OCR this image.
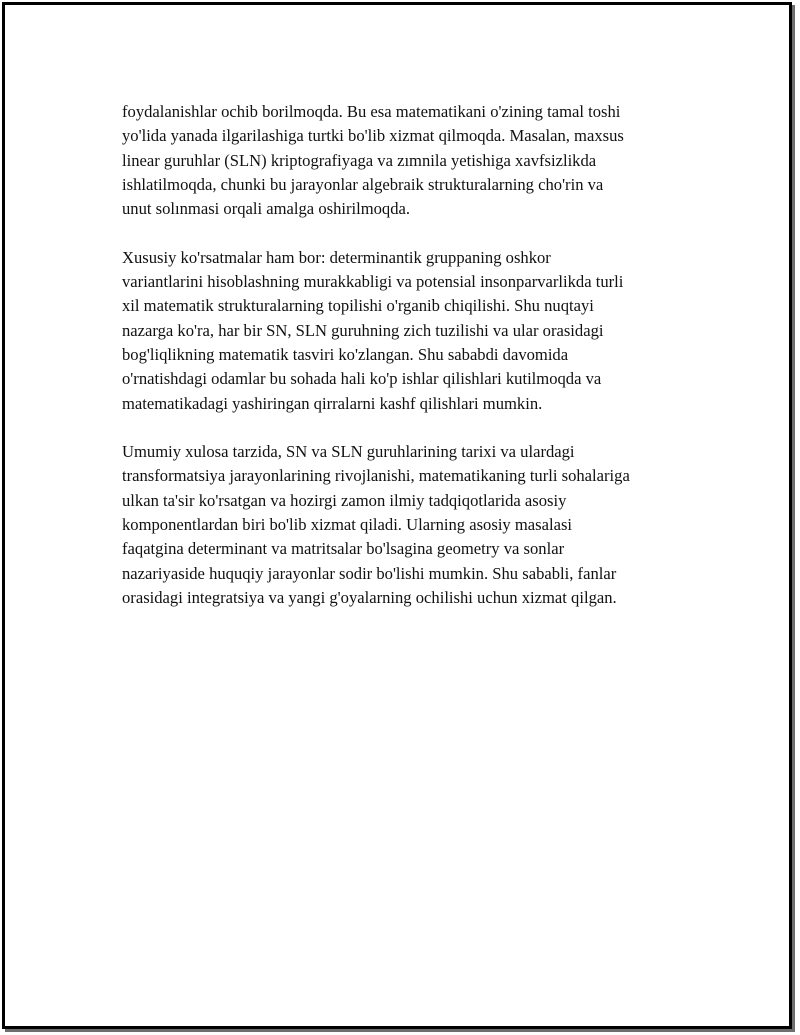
foydalanishlar ochib borilmoqda. Bu esa matematikani o'zining tamal toshi
yo'lida yanada ilgarilashiga turtki bo'lib xizmat qilmoqda. Masalan, maxsus
linear guruhlar (SLN) kriptografiyaga va zımnila yetishiga xavfsizlikda
ishlatilmoqda, chunki bu jarayonlar algebraik strukturalarning cho'rin va
unut solınmasi orqali amalga oshirilmoqda.

Xususiy ko'rsatmalar ham bor: determinantik gruppaning oshkor
variantlarini hisoblashning murakkabligi va potensial insonparvarlikda turli
xil matematik strukturalarning topilishi o'rganib chiqilishi. Shu nuqtayi
nazarga ko'ra, har bir SN, SLN guruhning zich tuzilishi va ular orasidagi
bog'liqlikning matematik tasviri ko'zlangan. Shu sababdi davomida
o'rnatishdagi odamlar bu sohada hali ko'p ishlar qilishlari kutilmoqda va
matematikadagi yashiringan qirralarni kashf qilishlari mumkin.

Umumiy xulosa tarzida, SN va SLN guruhlarining tarixi va ulardagi
transformatsiya jarayonlarining rivojlanishi, matematikaning turli sohalariga
ulkan ta'sir ko'rsatgan va hozirgi zamon ilmiy tadqiqotlarida asosiy
komponentlardan biri bo'lib xizmat qiladi. Ularning asosiy masalasi
faqatgina determinant va matritsalar bo'lsagina geometry va sonlar
nazariyaside huquqiy jarayonlar sodir bo'lishi mumkin. Shu sababli, fanlar
orasidagi integratsiya va yangi g'oyalarning ochilishi uchun xizmat qilgan.
